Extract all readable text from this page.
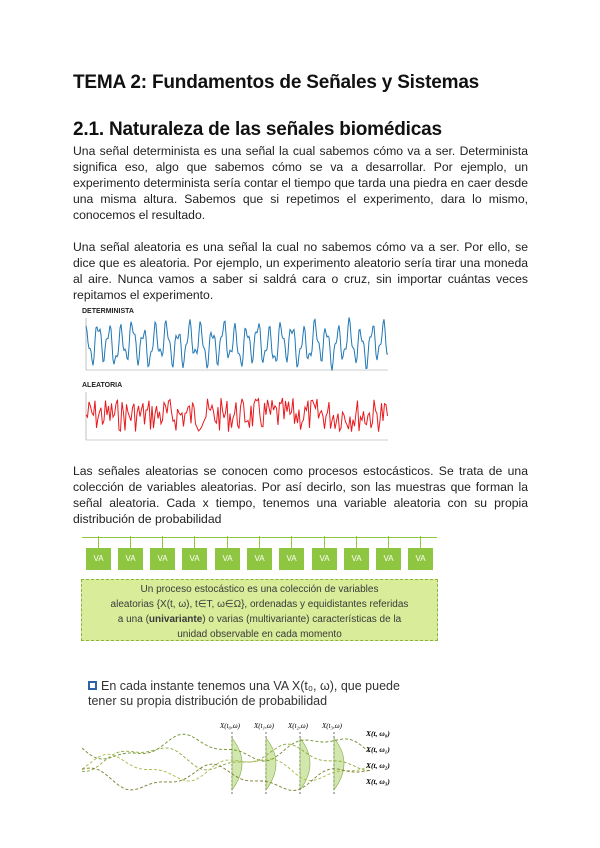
TEMA 2: Fundamentos de Señales y Sistemas
2.1. Naturaleza de las señales biomédicas

Una señal determinista es una señal la cual sabemos cómo va a ser. Determinista significa eso, algo que sabemos cómo se va a desarrollar. Por ejemplo, un experimento determinista sería contar el tiempo que tarda una piedra en caer desde una misma altura. Sabemos que si repetimos el experimento, dara lo mismo, conocemos el resultado.

Una señal aleatoria es una señal la cual no sabemos cómo va a ser. Por ello, se dice que es aleatoria. Por ejemplo, un experimento aleatorio sería tirar una moneda al aire. Nunca vamos a saber si saldrá cara o cruz, sin importar cuántas veces repitamos el experimento.

DETERMINISTA
ALEATORIA

Las señales aleatorias se conocen como procesos estocásticos. Se trata de una colección de variables aleatorias. Por así decirlo, son las muestras que forman la señal aleatoria. Cada x tiempo, tenemos una variable aleatoria con su propia distribución de probabilidad

VA	VA	VA	VA	VA	VA	VA	VA	VA	VA	VA
Un proceso estocástico es una colección de variables
aleatorias {X(t, ω), t∈T, ω∈Ω}, ordenadas y equidistantes referidas
a una (univariante) o varias (multivariante) características de la
unidad observable en cada momento
En cada instante tenemos una VA X(t₀, ω), que puede tener su propia distribución de probabilidad
X(t₀,ω) X(t₁,ω) X(t₂,ω) X(t₃,ω)
X(t, ω₀)
X(t, ω₁)
X(t, ω₂)
X(t, ω₃)
